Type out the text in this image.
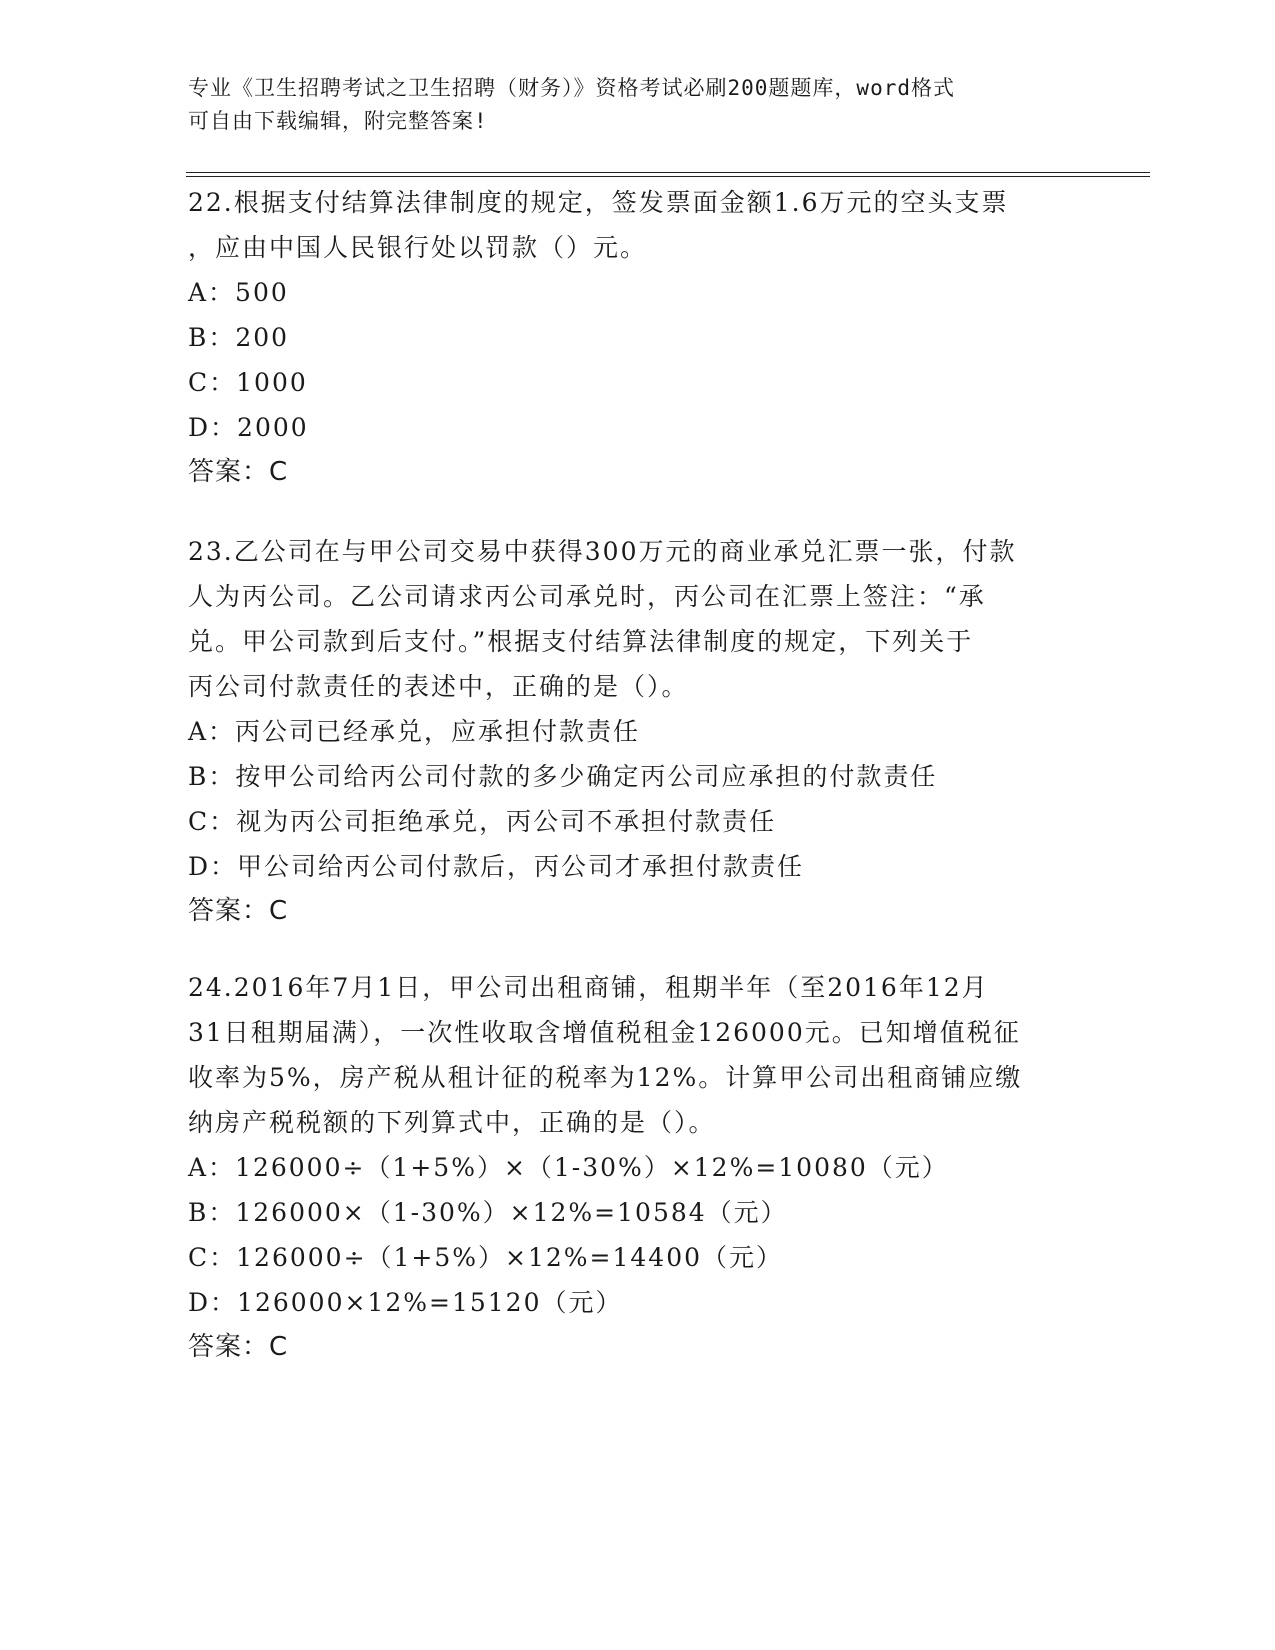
专业《卫生招聘考试之卫生招聘（财务）》资格考试必刷200题题库，word格式
可自由下载编辑，附完整答案!

22.根据支付结算法律制度的规定，签发票面金额1.6万元的空头支票

，应由中国人民银行处以罚款（）元。

A：500

B：200

C：1000

D：2000

答案：C

23.乙公司在与甲公司交易中获得300万元的商业承兑汇票一张，付款

人为丙公司。乙公司请求丙公司承兑时，丙公司在汇票上签注：“承

兑。甲公司款到后支付。”根据支付结算法律制度的规定，下列关于

丙公司付款责任的表述中，正确的是（）。

A：丙公司已经承兑，应承担付款责任

B：按甲公司给丙公司付款的多少确定丙公司应承担的付款责任

C：视为丙公司拒绝承兑，丙公司不承担付款责任

D：甲公司给丙公司付款后，丙公司才承担付款责任

答案：C

24.2016年7月1日，甲公司出租商铺，租期半年（至2016年12月

31日租期届满），一次性收取含增值税租金126000元。已知增值税征

收率为5%，房产税从租计征的税率为12%。计算甲公司出租商铺应缴

纳房产税税额的下列算式中，正确的是（）。

A：126000÷（1+5%）×（1-30%）×12%=10080（元）

B：126000×（1-30%）×12%=10584（元）

C：126000÷（1+5%）×12%=14400（元）

D：126000×12%=15120（元）

答案：C
